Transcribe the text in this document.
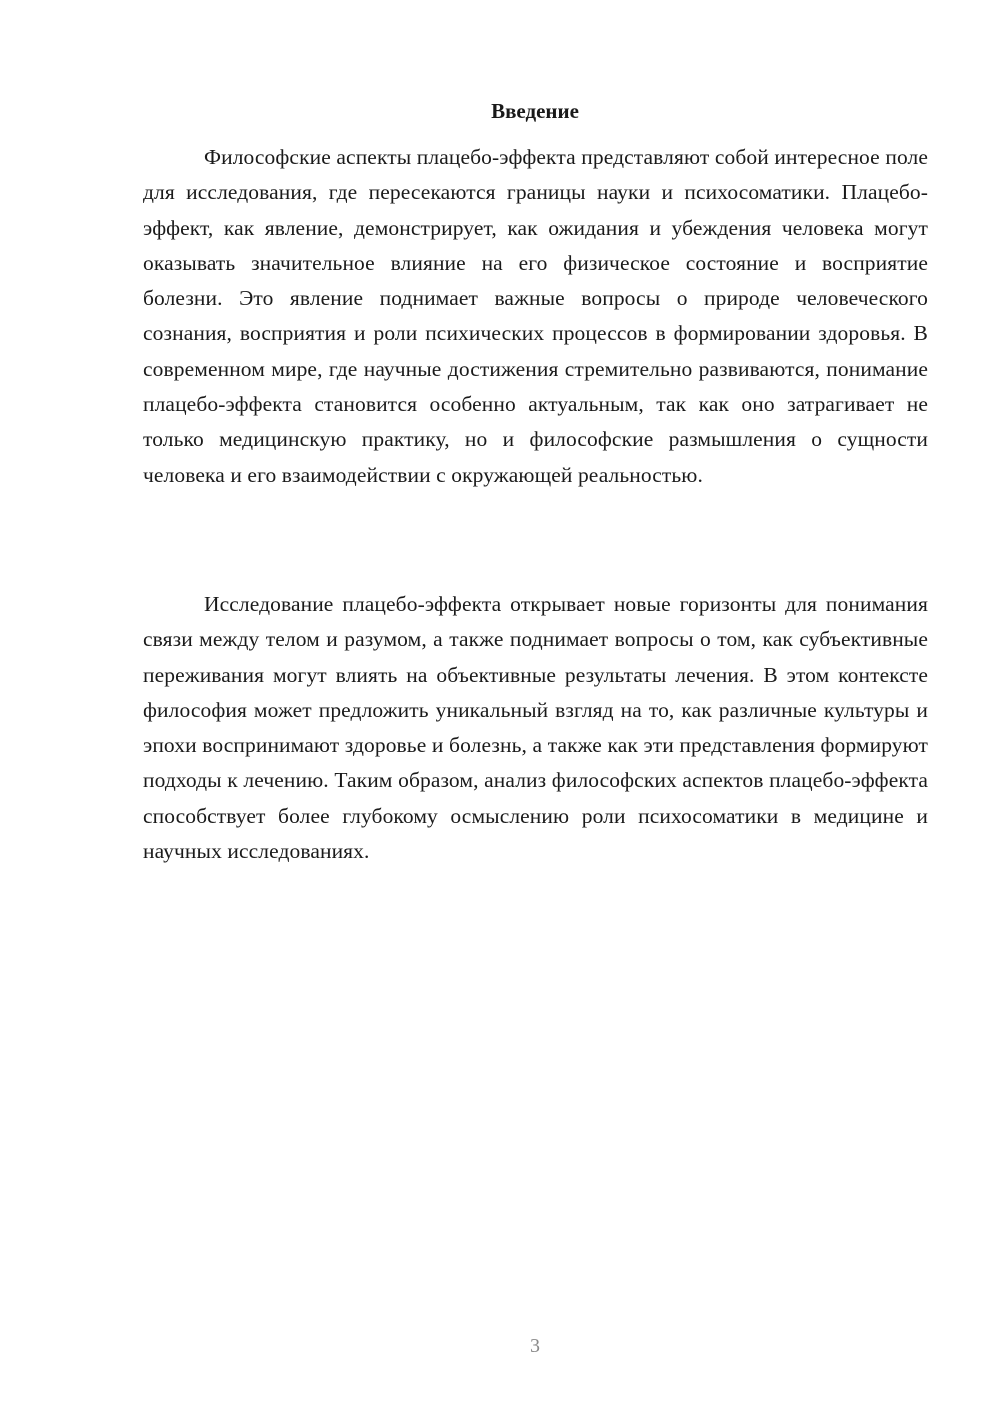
Введение

Философские аспекты плацебо-эффекта представляют собой интересное поле для исследования, где пересекаются границы науки и психосоматики. Плацебо-эффект, как явление, демонстрирует, как ожидания и убеждения человека могут оказывать значительное влияние на его физическое состояние и восприятие болезни. Это явление поднимает важные вопросы о природе человеческого сознания, восприятия и роли психических процессов в формировании здоровья. В современном мире, где научные достижения стремительно развиваются, понимание плацебо-эффекта становится особенно актуальным, так как оно затрагивает не только медицинскую практику, но и философские размышления о сущности человека и его взаимодействии с окружающей реальностью.

Исследование плацебо-эффекта открывает новые горизонты для понимания связи между телом и разумом, а также поднимает вопросы о том, как субъективные переживания могут влиять на объективные результаты лечения. В этом контексте философия может предложить уникальный взгляд на то, как различные культуры и эпохи воспринимают здоровье и болезнь, а также как эти представления формируют подходы к лечению. Таким образом, анализ философских аспектов плацебо-эффекта способствует более глубокому осмыслению роли психосоматики в медицине и научных исследованиях.

3
